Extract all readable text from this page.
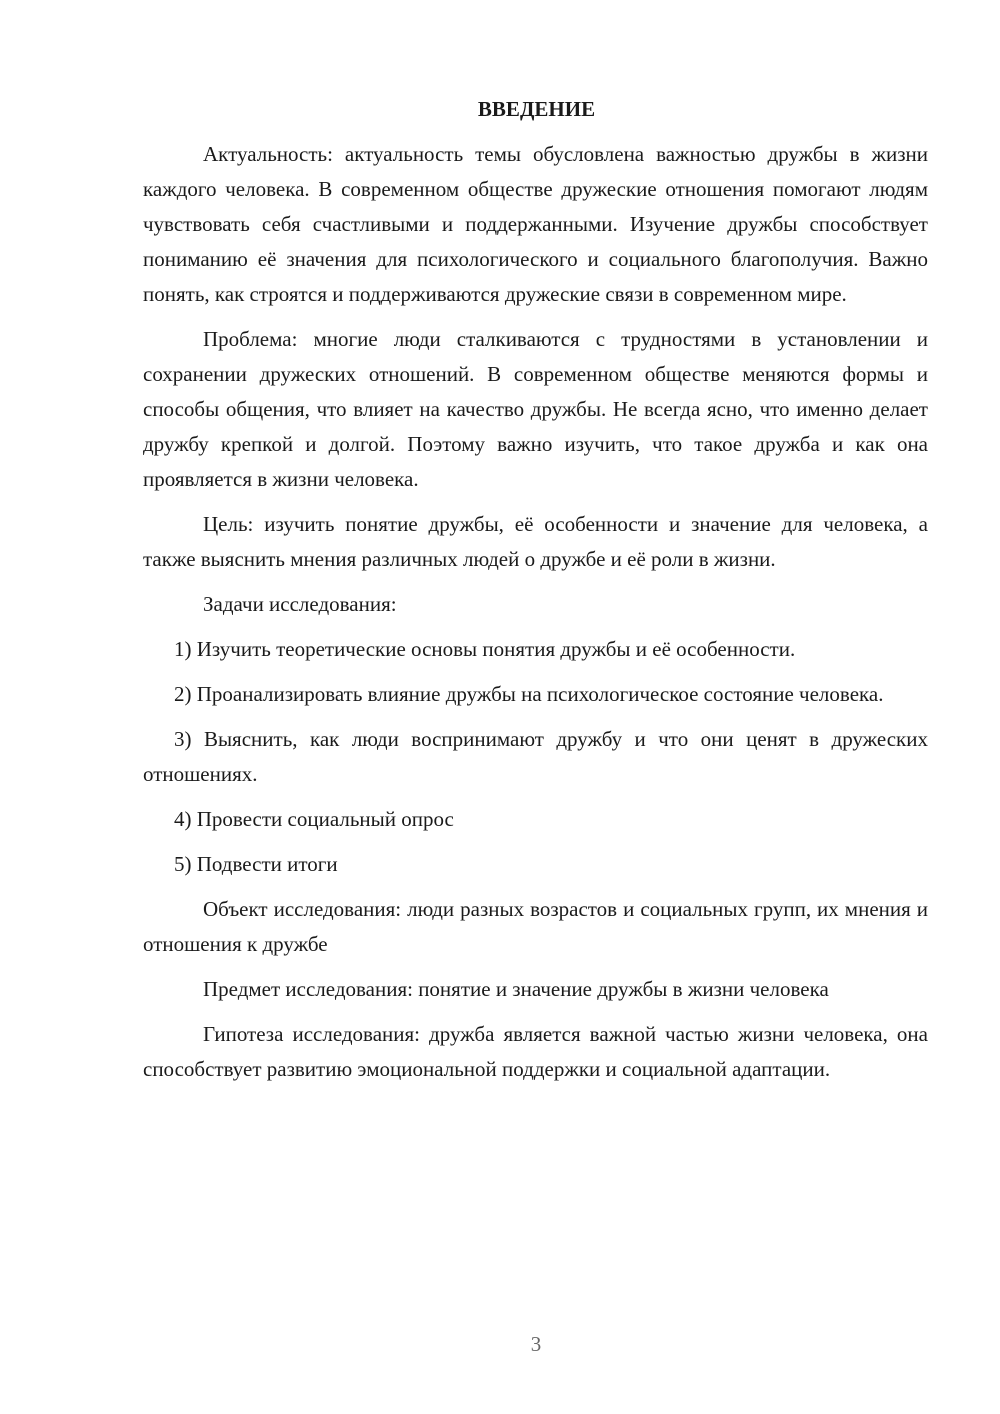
ВВЕДЕНИЕ

Актуальность: актуальность темы обусловлена важностью дружбы в жизни каждого человека. В современном обществе дружеские отношения помогают людям чувствовать себя счастливыми и поддержанными. Изучение дружбы способствует пониманию её значения для психологического и социального благополучия. Важно понять, как строятся и поддерживаются дружеские связи в современном мире.

Проблема: многие люди сталкиваются с трудностями в установлении и сохранении дружеских отношений. В современном обществе меняются формы и способы общения, что влияет на качество дружбы. Не всегда ясно, что именно делает дружбу крепкой и долгой. Поэтому важно изучить, что такое дружба и как она проявляется в жизни человека.

Цель: изучить понятие дружбы, её особенности и значение для человека, а также выяснить мнения различных людей о дружбе и её роли в жизни.

Задачи исследования:

1) Изучить теоретические основы понятия дружбы и её особенности.

2) Проанализировать влияние дружбы на психологическое состояние человека.

3) Выяснить, как люди воспринимают дружбу и что они ценят в дружеских отношениях.

4) Провести социальный опрос

5) Подвести итоги

Объект исследования: люди разных возрастов и социальных групп, их мнения и отношения к дружбе

Предмет исследования: понятие и значение дружбы в жизни человека

Гипотеза исследования: дружба является важной частью жизни человека, она способствует развитию эмоциональной поддержки и социальной адаптации.

3
